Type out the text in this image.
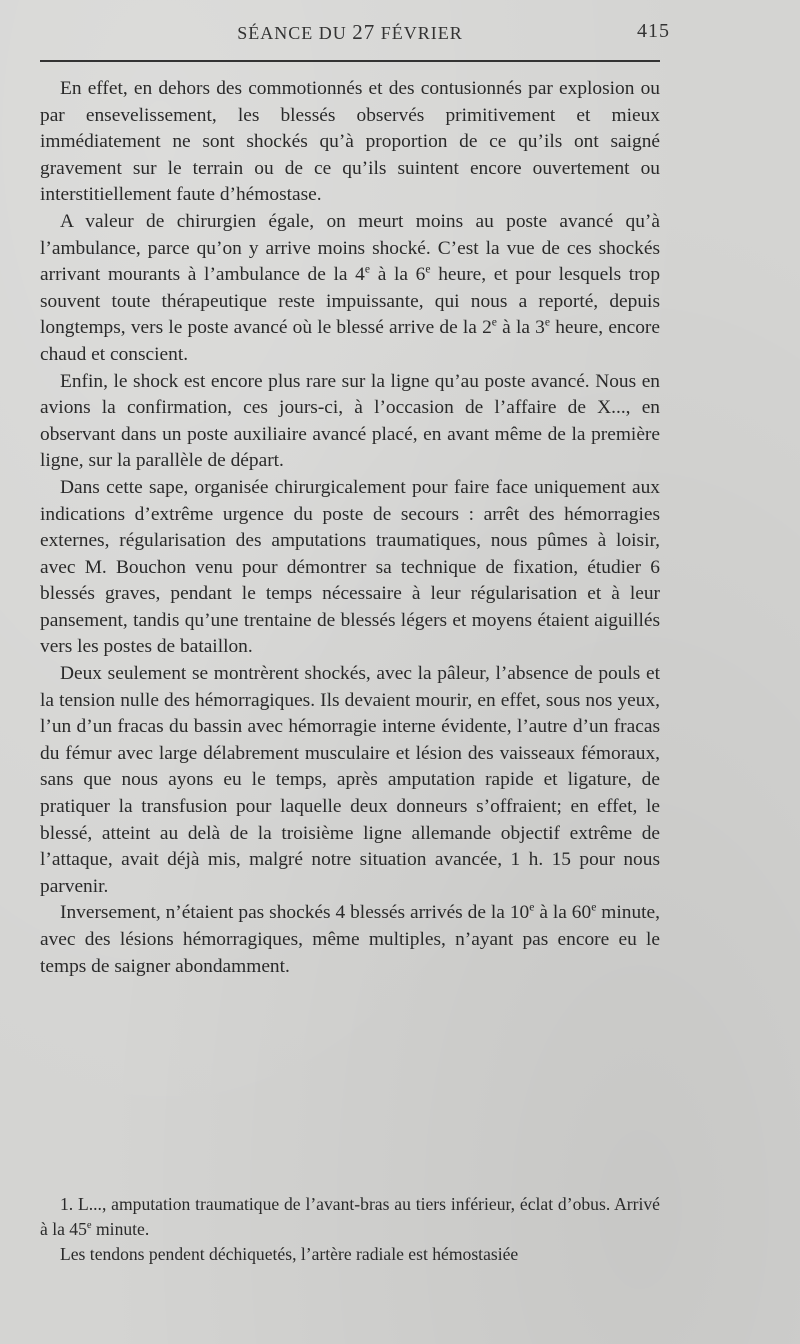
SÉANCE DU 27 FÉVRIER	415

En effet, en dehors des commotionnés et des contusionnés par explosion ou par ensevelissement, les blessés observés primitivement et mieux immédiatement ne sont shockés qu’à proportion de ce qu’ils ont saigné gravement sur le terrain ou de ce qu’ils suintent encore ouvertement ou interstitiellement faute d’hémostase.

A valeur de chirurgien égale, on meurt moins au poste avancé qu’à l’ambulance, parce qu’on y arrive moins shocké. C’est la vue de ces shockés arrivant mourants à l’ambulance de la 4e à la 6e heure, et pour lesquels trop souvent toute thérapeutique reste impuissante, qui nous a reporté, depuis longtemps, vers le poste avancé où le blessé arrive de la 2e à la 3e heure, encore chaud et conscient.

Enfin, le shock est encore plus rare sur la ligne qu’au poste avancé. Nous en avions la confirmation, ces jours-ci, à l’occasion de l’affaire de X..., en observant dans un poste auxiliaire avancé placé, en avant même de la première ligne, sur la parallèle de départ.

Dans cette sape, organisée chirurgicalement pour faire face uniquement aux indications d’extrême urgence du poste de secours : arrêt des hémorragies externes, régularisation des amputations traumatiques, nous pûmes à loisir, avec M. Bouchon venu pour démontrer sa technique de fixation, étudier 6 blessés graves, pendant le temps nécessaire à leur régularisation et à leur pansement, tandis qu’une trentaine de blessés légers et moyens étaient aiguillés vers les postes de bataillon.

Deux seulement se montrèrent shockés, avec la pâleur, l’absence de pouls et la tension nulle des hémorragiques. Ils devaient mourir, en effet, sous nos yeux, l’un d’un fracas du bassin avec hémorragie interne évidente, l’autre d’un fracas du fémur avec large délabrement musculaire et lésion des vaisseaux fémoraux, sans que nous ayons eu le temps, après amputation rapide et ligature, de pratiquer la transfusion pour laquelle deux donneurs s’offraient; en effet, le blessé, atteint au delà de la troisième ligne allemande objectif extrême de l’attaque, avait déjà mis, malgré notre situation avancée, 1 h. 15 pour nous parvenir.

Inversement, n’étaient pas shockés 4 blessés arrivés de la 10e à la 60e minute, avec des lésions hémorragiques, même multiples, n’ayant pas encore eu le temps de saigner abondamment.

1. L..., amputation traumatique de l’avant-bras au tiers inférieur, éclat d’obus. Arrivé à la 45e minute.

Les tendons pendent déchiquetés, l’artère radiale est hémostasiée
